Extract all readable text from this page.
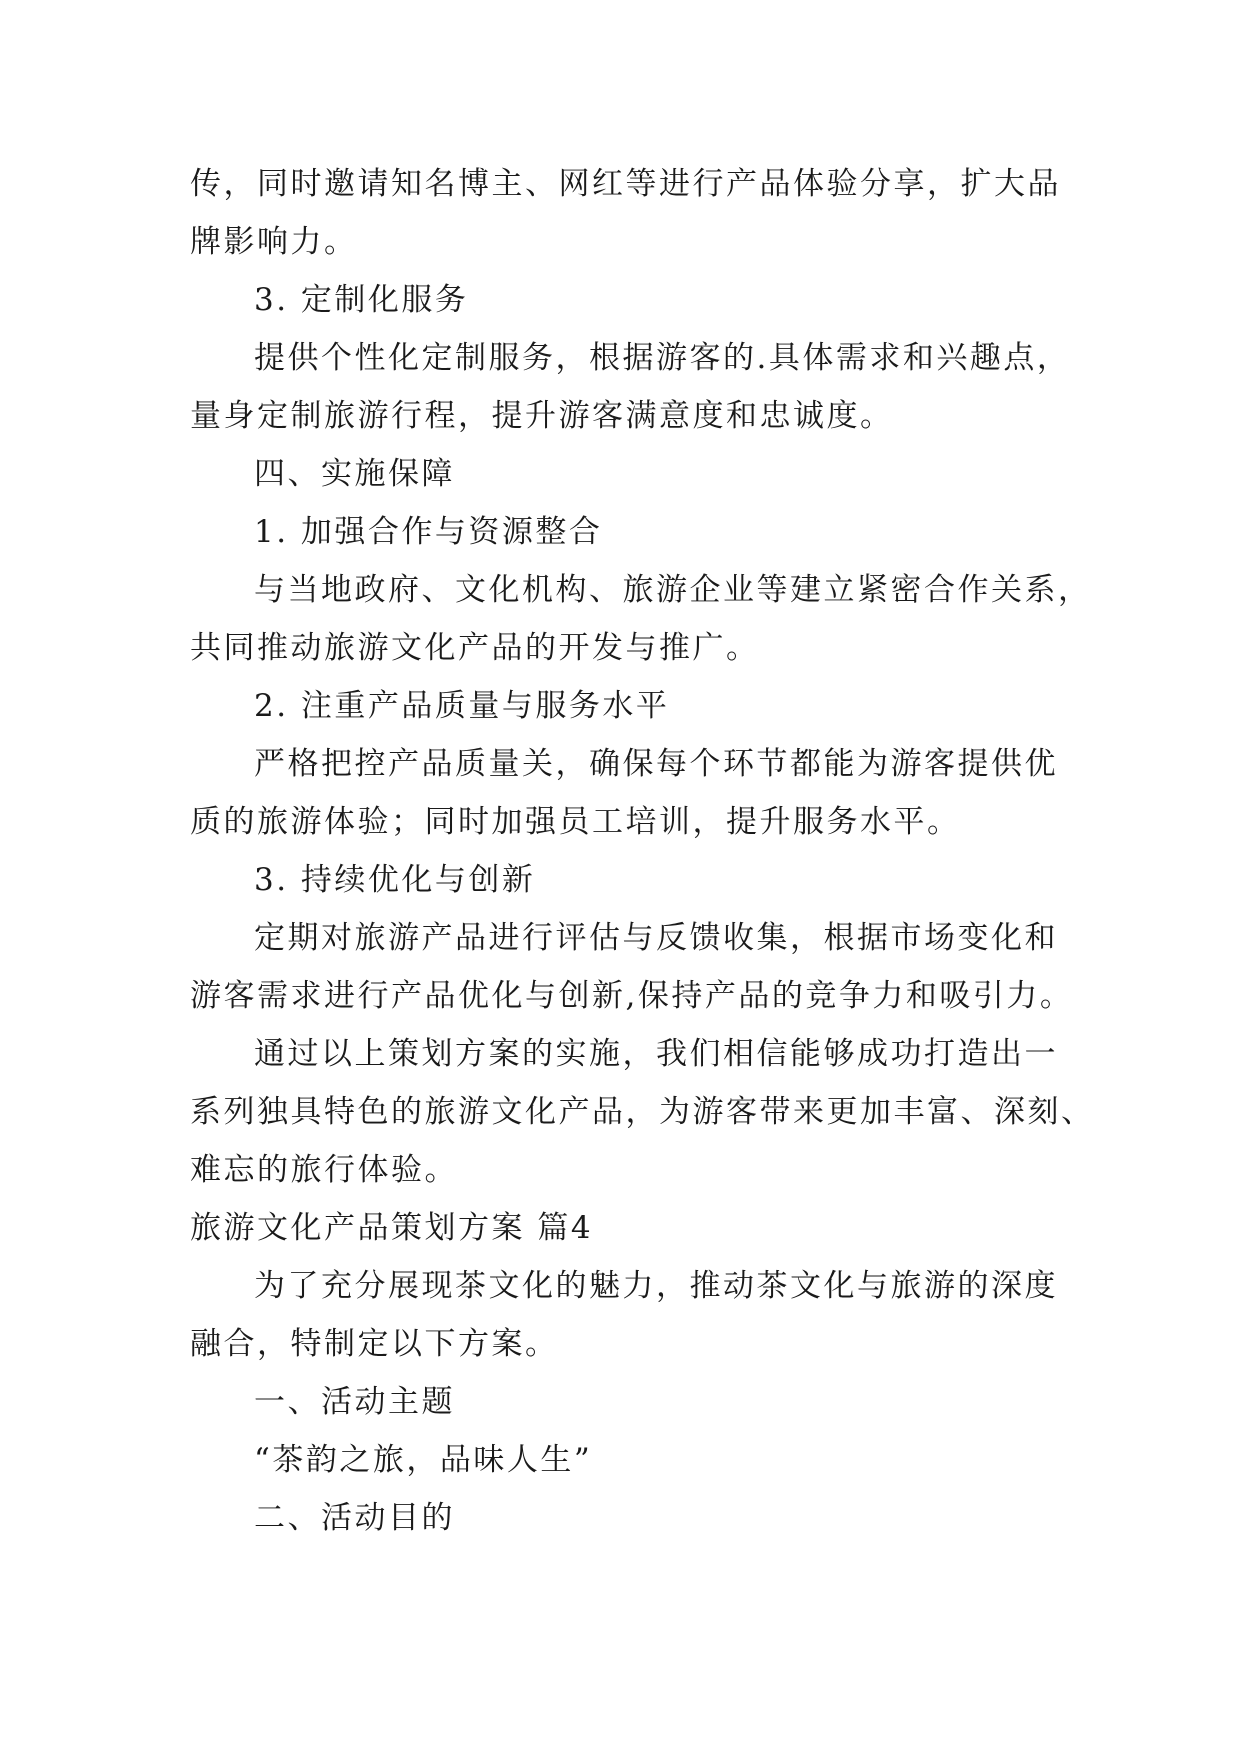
传，同时邀请知名博主、网红等进行产品体验分享，扩大品
牌影响力。
3. 定制化服务
提供个性化定制服务，根据游客的.具体需求和兴趣点，
量身定制旅游行程，提升游客满意度和忠诚度。
四、实施保障
1. 加强合作与资源整合
与当地政府、文化机构、旅游企业等建立紧密合作关系，
共同推动旅游文化产品的开发与推广。
2. 注重产品质量与服务水平
严格把控产品质量关，确保每个环节都能为游客提供优
质的旅游体验；同时加强员工培训，提升服务水平。
3. 持续优化与创新
定期对旅游产品进行评估与反馈收集，根据市场变化和
游客需求进行产品优化与创新,保持产品的竞争力和吸引力。
通过以上策划方案的实施，我们相信能够成功打造出一
系列独具特色的旅游文化产品，为游客带来更加丰富、深刻、
难忘的旅行体验。
旅游文化产品策划方案 篇4
为了充分展现茶文化的魅力，推动茶文化与旅游的深度
融合，特制定以下方案。
一、活动主题
“茶韵之旅，品味人生”
二、活动目的
